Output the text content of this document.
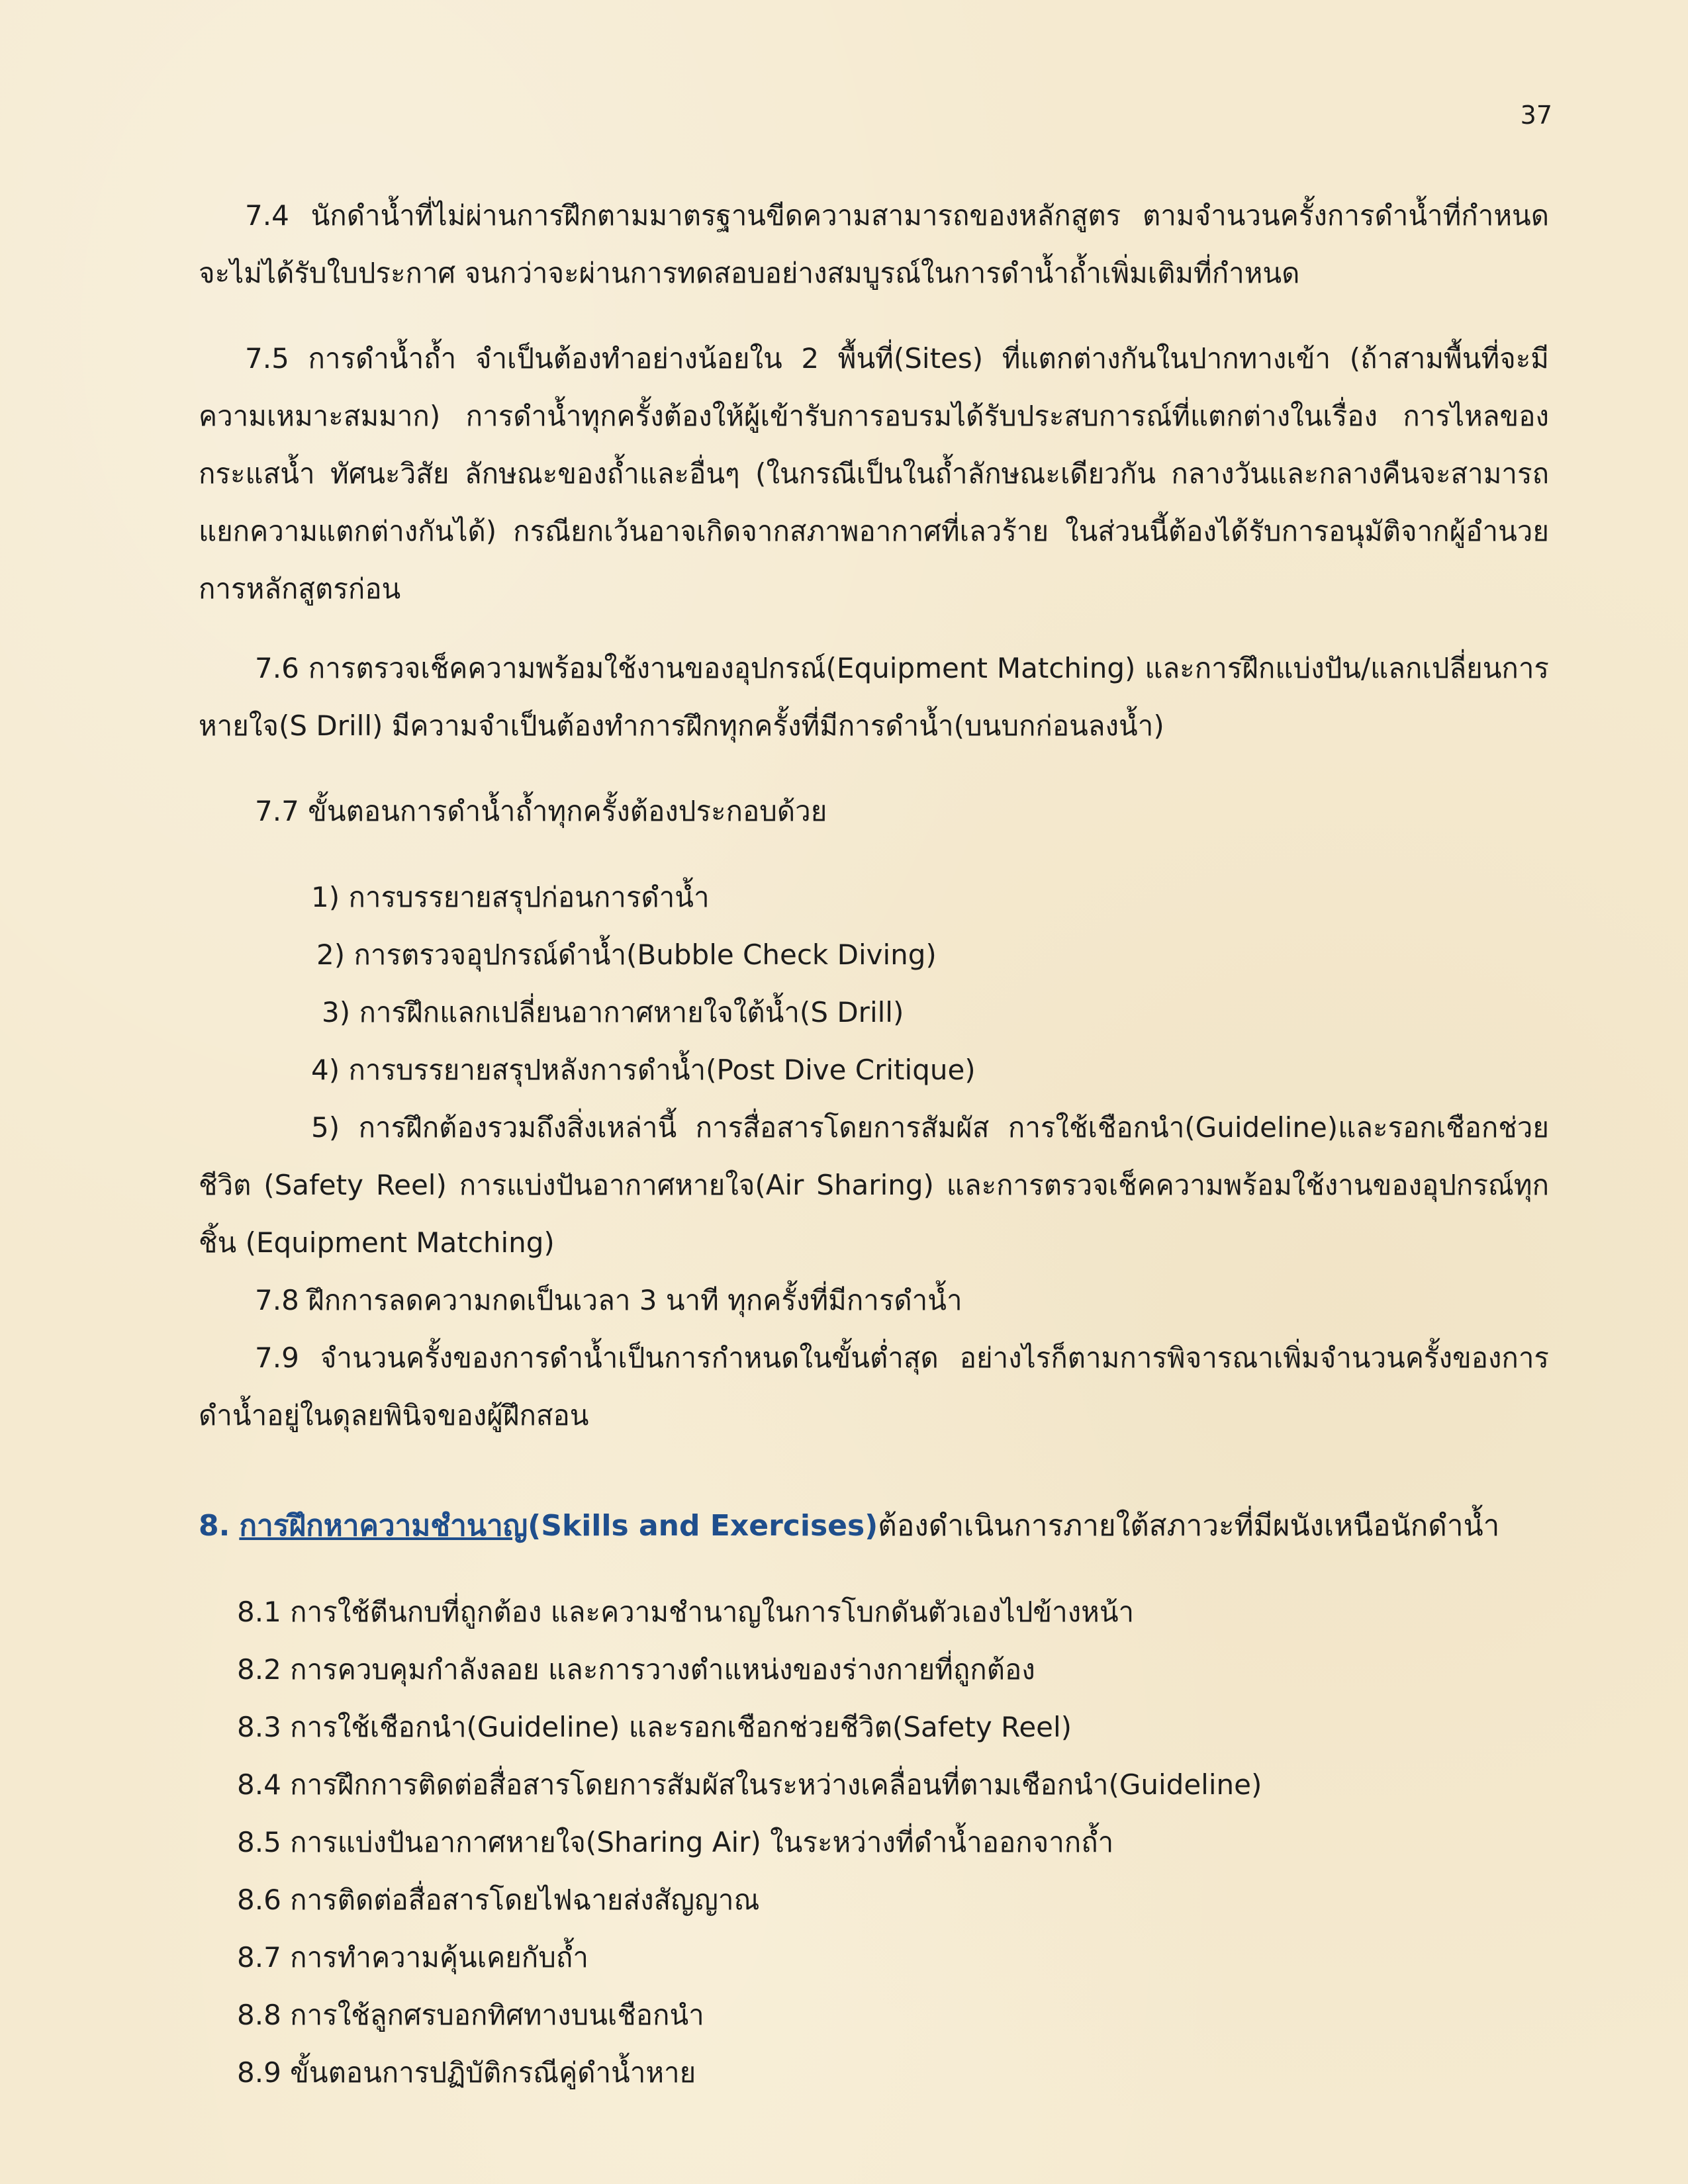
37

7.4 นักดำน้ำที่ไม่ผ่านการฝึกตามมาตรฐานขีดความสามารถของหลักสูตร ตามจำนวนครั้งการดำน้ำที่กำหนดจะไม่ได้รับใบประกาศ จนกว่าจะผ่านการทดสอบอย่างสมบูรณ์ในการดำน้ำถ้ำเพิ่มเติมที่กำหนด

7.5 การดำน้ำถ้ำ จำเป็นต้องทำอย่างน้อยใน 2 พื้นที่(Sites) ที่แตกต่างกันในปากทางเข้า (ถ้าสามพื้นที่จะมีความเหมาะสมมาก) การดำน้ำทุกครั้งต้องให้ผู้เข้ารับการอบรมได้รับประสบการณ์ที่แตกต่างในเรื่อง การไหลของกระแสน้ำ ทัศนะวิสัย ลักษณะของถ้ำและอื่นๆ (ในกรณีเป็นในถ้ำลักษณะเดียวกัน กลางวันและกลางคืนจะสามารถแยกความแตกต่างกันได้) กรณียกเว้นอาจเกิดจากสภาพอากาศที่เลวร้าย ในส่วนนี้ต้องได้รับการอนุมัติจากผู้อำนวยการหลักสูตรก่อน

7.6 การตรวจเช็คความพร้อมใช้งานของอุปกรณ์(Equipment Matching) และการฝึกแบ่งปัน/แลกเปลี่ยนการหายใจ(S Drill) มีความจำเป็นต้องทำการฝึกทุกครั้งที่มีการดำน้ำ(บนบกก่อนลงน้ำ)

7.7 ขั้นตอนการดำน้ำถ้ำทุกครั้งต้องประกอบด้วย

1) การบรรยายสรุปก่อนการดำน้ำ

2) การตรวจอุปกรณ์ดำน้ำ(Bubble Check Diving)

3) การฝึกแลกเปลี่ยนอากาศหายใจใต้น้ำ(S Drill)

4) การบรรยายสรุปหลังการดำน้ำ(Post Dive Critique)

5) การฝึกต้องรวมถึงสิ่งเหล่านี้ การสื่อสารโดยการสัมผัส การใช้เชือกนำ(Guideline)และรอกเชือกช่วยชีวิต (Safety Reel) การแบ่งปันอากาศหายใจ(Air Sharing) และการตรวจเช็คความพร้อมใช้งานของอุปกรณ์ทุกชิ้น (Equipment Matching)

7.8 ฝึกการลดความกดเป็นเวลา 3 นาที ทุกครั้งที่มีการดำน้ำ

7.9 จำนวนครั้งของการดำน้ำเป็นการกำหนดในขั้นต่ำสุด อย่างไรก็ตามการพิจารณาเพิ่มจำนวนครั้งของการดำน้ำอยู่ในดุลยพินิจของผู้ฝึกสอน

8. การฝึกหาความชำนาญ(Skills and Exercises)ต้องดำเนินการภายใต้สภาวะที่มีผนังเหนือนักดำน้ำ

8.1 การใช้ตีนกบที่ถูกต้อง และความชำนาญในการโบกดันตัวเองไปข้างหน้า

8.2 การควบคุมกำลังลอย และการวางตำแหน่งของร่างกายที่ถูกต้อง

8.3 การใช้เชือกนำ(Guideline) และรอกเชือกช่วยชีวิต(Safety Reel)

8.4 การฝึกการติดต่อสื่อสารโดยการสัมผัสในระหว่างเคลื่อนที่ตามเชือกนำ(Guideline)

8.5 การแบ่งปันอากาศหายใจ(Sharing Air) ในระหว่างที่ดำน้ำออกจากถ้ำ

8.6 การติดต่อสื่อสารโดยไฟฉายส่งสัญญาณ

8.7 การทำความคุ้นเคยกับถ้ำ

8.8 การใช้ลูกศรบอกทิศทางบนเชือกนำ

8.9 ขั้นตอนการปฏิบัติกรณีคู่ดำน้ำหาย
